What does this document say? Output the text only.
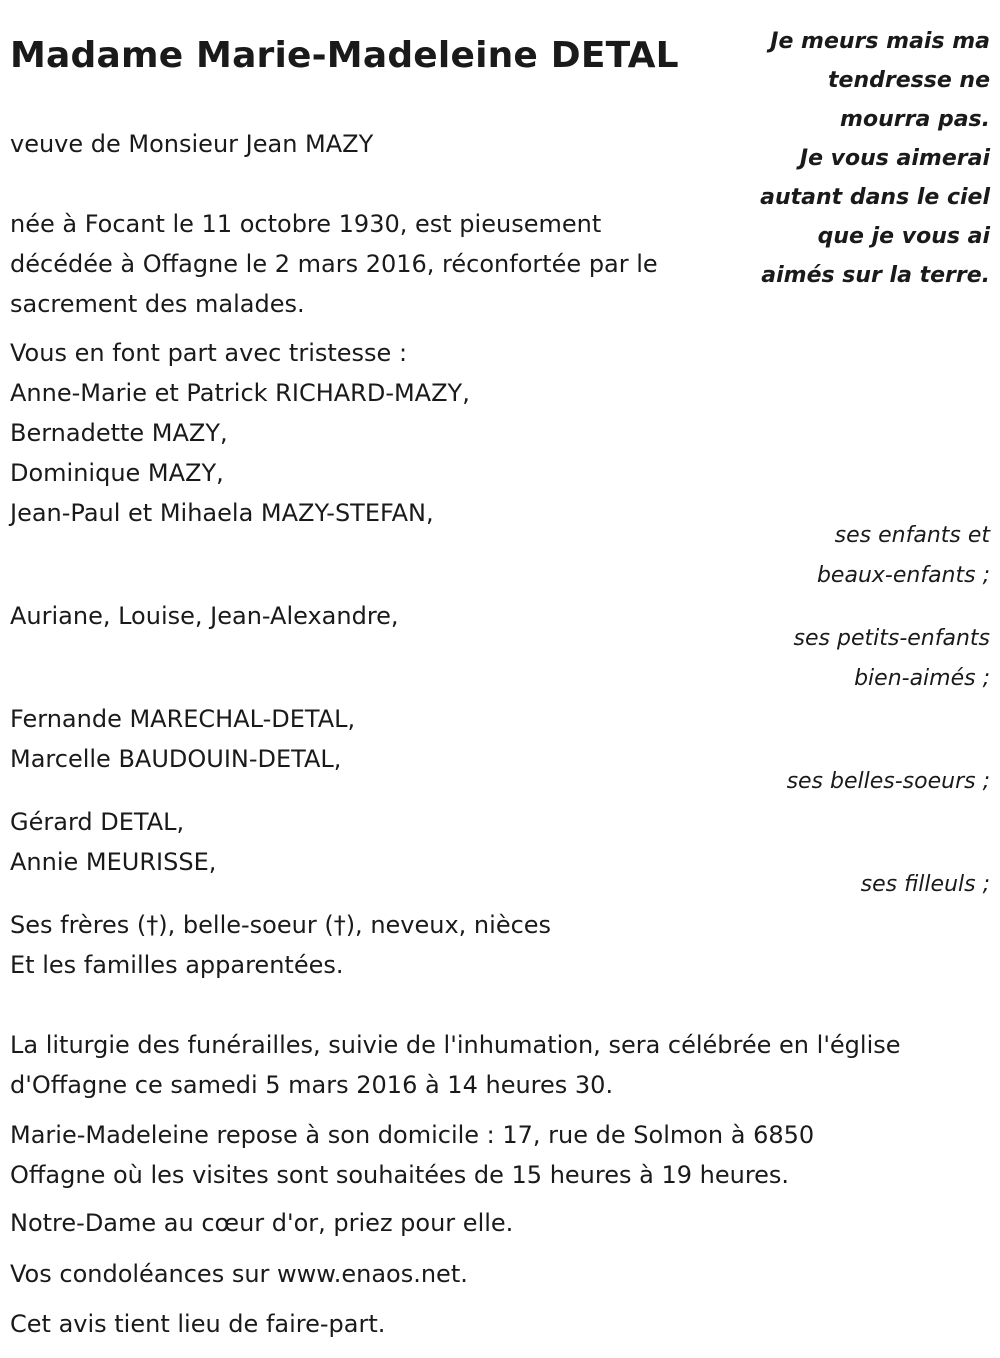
Madame Marie-Madeleine DETAL	Je meurs mais ma
tendresse ne
mourra pas.
Je vous aimerai
autant dans le ciel
que je vous ai
aimés sur la terre.
veuve de Monsieur Jean MAZY
née à Focant le 11 octobre 1930, est pieusement
décédée à Offagne le 2 mars 2016, réconfortée par le
sacrement des malades.
Vous en font part avec tristesse :
Anne-Marie et Patrick RICHARD-MAZY,
Bernadette MAZY,
Dominique MAZY,
Jean-Paul et Mihaela MAZY-STEFAN,
ses enfants et
beaux-enfants ;
Auriane, Louise, Jean-Alexandre,
ses petits-enfants
bien-aimés ;
Fernande MARECHAL-DETAL,
Marcelle BAUDOUIN-DETAL,
ses belles-soeurs ;
Gérard DETAL,
Annie MEURISSE,
ses filleuls ;
Ses frères (†), belle-soeur (†), neveux, nièces
Et les familles apparentées.
La liturgie des funérailles, suivie de l'inhumation, sera célébrée en l'église
d'Offagne ce samedi 5 mars 2016 à 14 heures 30.
Marie-Madeleine repose à son domicile : 17, rue de Solmon à 6850
Offagne où les visites sont souhaitées de 15 heures à 19 heures.
Notre-Dame au cœur d'or, priez pour elle.
Vos condoléances sur www.enaos.net.
Cet avis tient lieu de faire-part.
